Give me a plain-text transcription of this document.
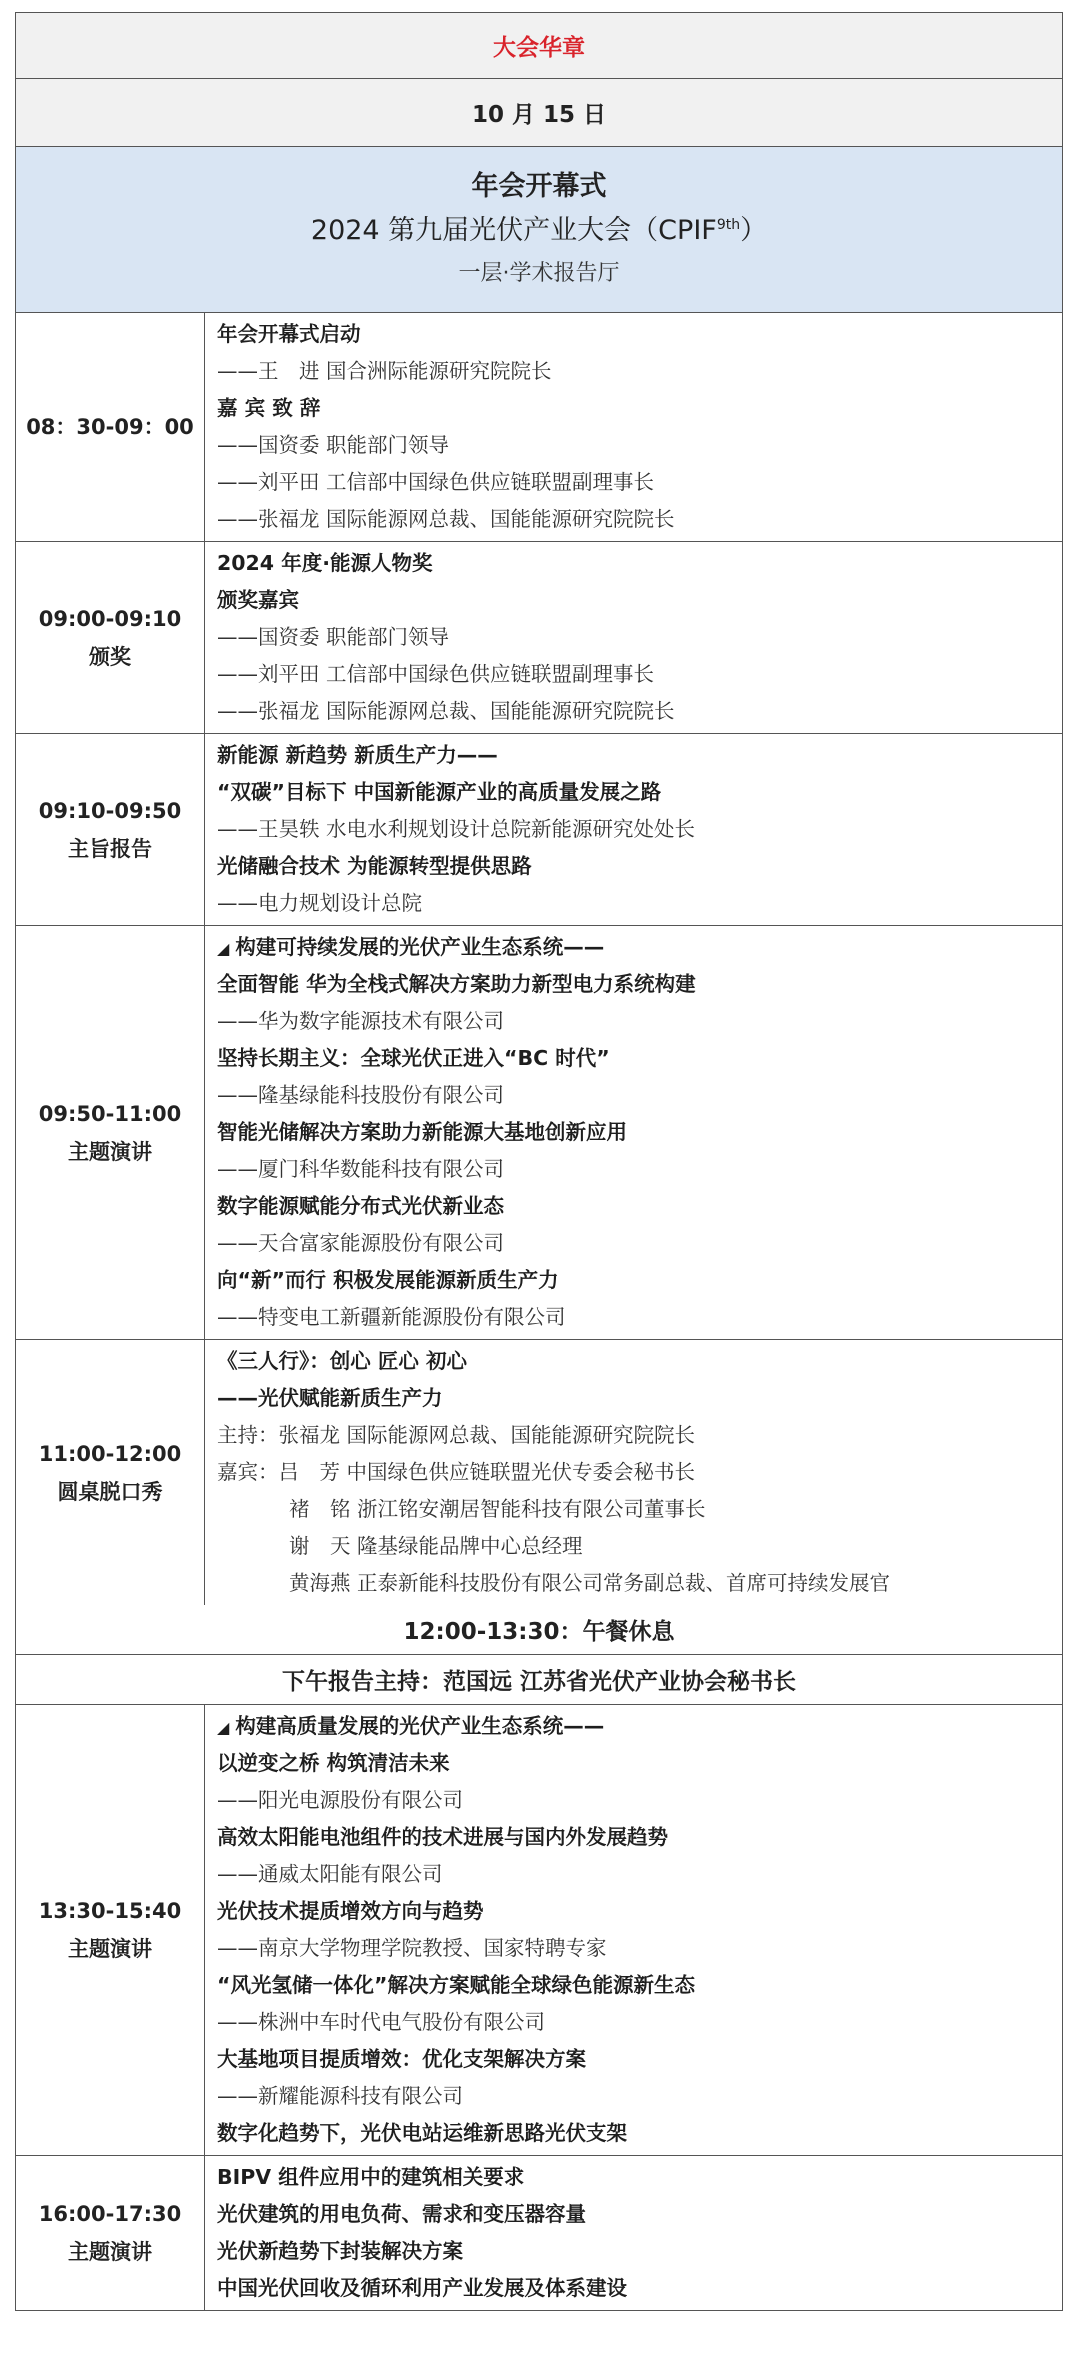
大会华章
10 月 15 日
年会开幕式
2024 第九届光伏产业大会$(CPIF^{9th})$
一层·学术报告厅
08：30-09：00
年会开幕式启动
——王　进 国合洲际能源研究院院长
嘉 宾 致 辞
——国资委 职能部门领导
——刘平田 工信部中国绿色供应链联盟副理事长
——张福龙 国际能源网总裁、国能能源研究院院长
09:00-09:10
颁奖
2024 年度·能源人物奖
颁奖嘉宾
——国资委 职能部门领导
——刘平田 工信部中国绿色供应链联盟副理事长
——张福龙 国际能源网总裁、国能能源研究院院长
09:10-09:50
主旨报告
新能源 新趋势 新质生产力——
“双碳”目标下 中国新能源产业的高质量发展之路
——王昊轶 水电水利规划设计总院新能源研究处处长
光储融合技术 为能源转型提供思路
——电力规划设计总院
09:50-11:00
主题演讲
◢ 构建可持续发展的光伏产业生态系统——
全面智能 华为全栈式解决方案助力新型电力系统构建
——华为数字能源技术有限公司
坚持长期主义：全球光伏正进入“BC 时代”
——隆基绿能科技股份有限公司
智能光储解决方案助力新能源大基地创新应用
——厦门科华数能科技有限公司
数字能源赋能分布式光伏新业态
——天合富家能源股份有限公司
向“新”而行 积极发展能源新质生产力
——特变电工新疆新能源股份有限公司
11:00-12:00
圆桌脱口秀
《三人行》：创心 匠心 初心
——光伏赋能新质生产力
主持：张福龙 国际能源网总裁、国能能源研究院院长
嘉宾：吕　芳 中国绿色供应链联盟光伏专委会秘书长
褚　铭 浙江铭安潮居智能科技有限公司董事长
谢　天 隆基绿能品牌中心总经理
黄海燕 正泰新能科技股份有限公司常务副总裁、首席可持续发展官
12:00-13:30：午餐休息
下午报告主持：范国远 江苏省光伏产业协会秘书长
13:30-15:40
主题演讲
◢ 构建高质量发展的光伏产业生态系统——
以逆变之桥 构筑清洁未来
——阳光电源股份有限公司
高效太阳能电池组件的技术进展与国内外发展趋势
——通威太阳能有限公司
光伏技术提质增效方向与趋势
——南京大学物理学院教授、国家特聘专家
“风光氢储一体化”解决方案赋能全球绿色能源新生态
——株洲中车时代电气股份有限公司
大基地项目提质增效：优化支架解决方案
——新耀能源科技有限公司
数字化趋势下，光伏电站运维新思路光伏支架
16:00-17:30
主题演讲
BIPV 组件应用中的建筑相关要求
光伏建筑的用电负荷、需求和变压器容量
光伏新趋势下封装解决方案
中国光伏回收及循环利用产业发展及体系建设
